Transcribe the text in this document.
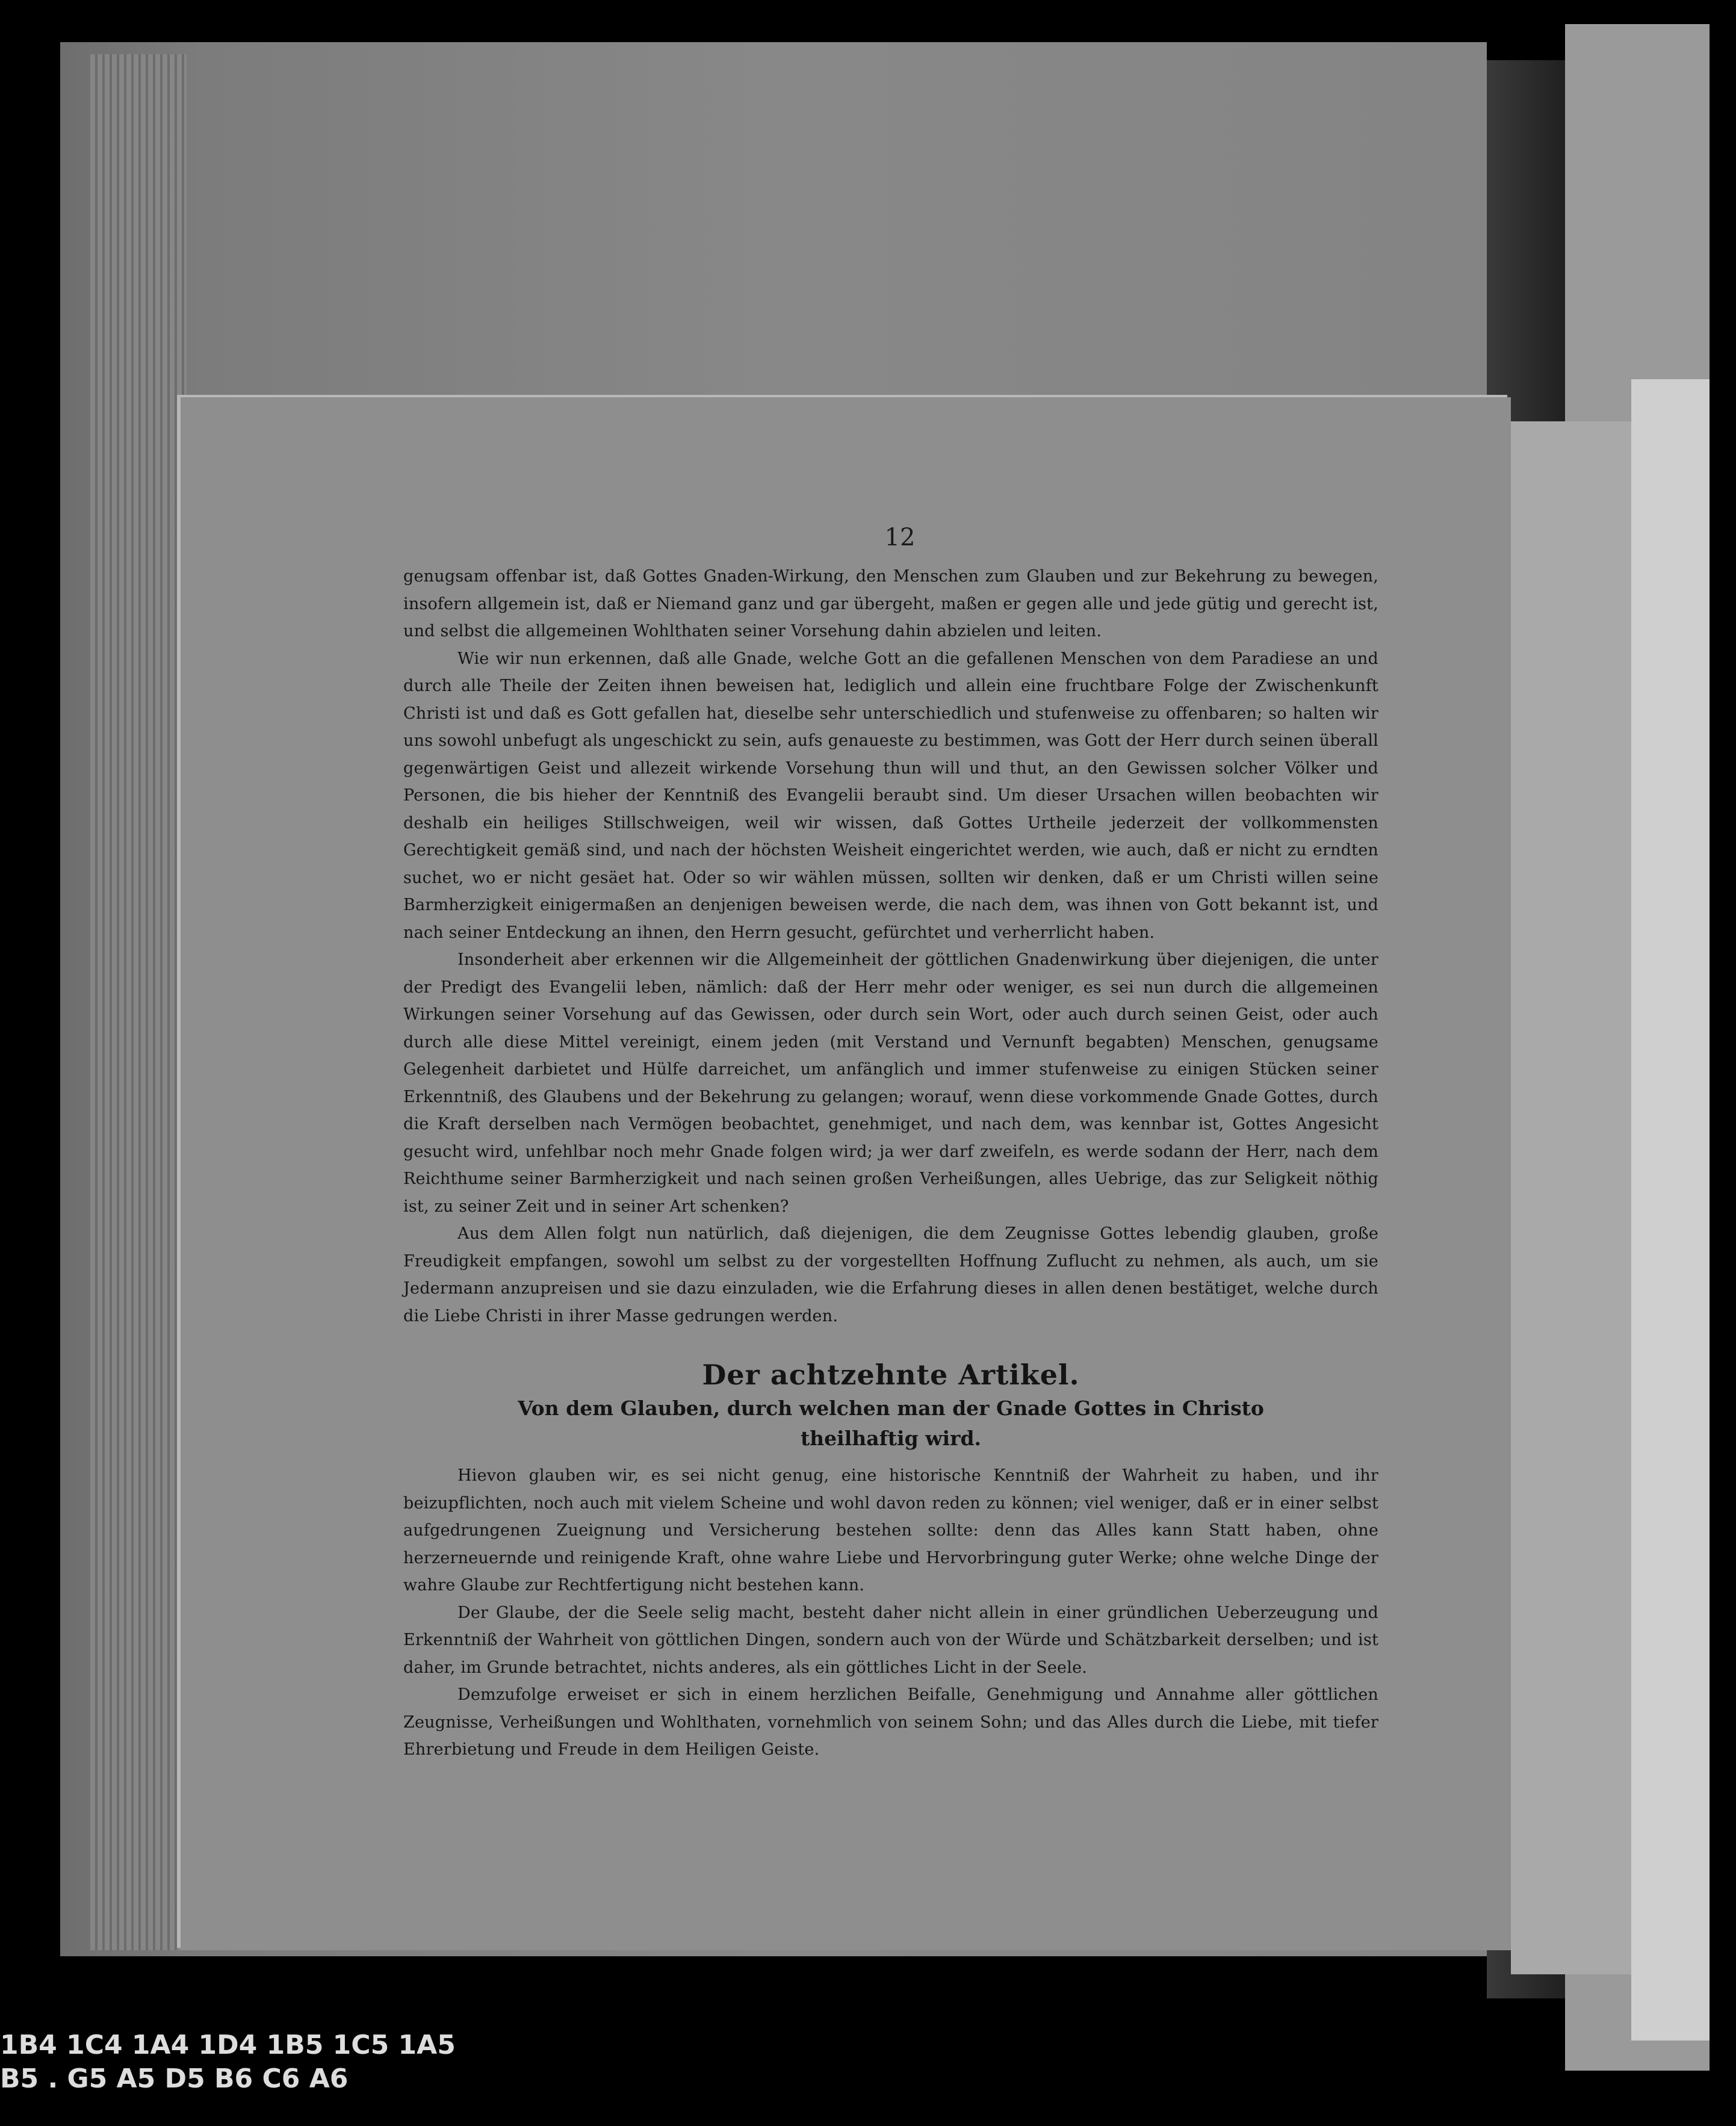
12

genugsam offenbar ist, daß Gottes Gnaden-Wirkung, den Menschen zum Glauben und zur Bekehrung zu bewegen, insofern allgemein ist, daß er Niemand ganz und gar übergeht, maßen er gegen alle und jede gütig und gerecht ist, und selbst die allgemeinen Wohlthaten seiner Vorsehung dahin abzielen und leiten.

Wie wir nun erkennen, daß alle Gnade, welche Gott an die gefallenen Menschen von dem Paradiese an und durch alle Theile der Zeiten ihnen beweisen hat, lediglich und allein eine fruchtbare Folge der Zwischenkunft Christi ist und daß es Gott gefallen hat, dieselbe sehr unterschiedlich und stufenweise zu offenbaren; so halten wir uns sowohl unbefugt als ungeschickt zu sein, aufs genaueste zu bestimmen, was Gott der Herr durch seinen überall gegenwärtigen Geist und allezeit wirkende Vorsehung thun will und thut, an den Gewissen solcher Völker und Personen, die bis hieher der Kenntniß des Evangelii beraubt sind. Um dieser Ursachen willen beobachten wir deshalb ein heiliges Stillschweigen, weil wir wissen, daß Gottes Urtheile jederzeit der vollkommensten Gerechtigkeit gemäß sind, und nach der höchsten Weisheit eingerichtet werden, wie auch, daß er nicht zu erndten suchet, wo er nicht gesäet hat. Oder so wir wählen müssen, sollten wir denken, daß er um Christi willen seine Barmherzigkeit einigermaßen an denjenigen beweisen werde, die nach dem, was ihnen von Gott bekannt ist, und nach seiner Entdeckung an ihnen, den Herrn gesucht, gefürchtet und verherrlicht haben.

Insonderheit aber erkennen wir die Allgemeinheit der göttlichen Gnadenwirkung über diejenigen, die unter der Predigt des Evangelii leben, nämlich: daß der Herr mehr oder weniger, es sei nun durch die allgemeinen Wirkungen seiner Vorsehung auf das Gewissen, oder durch sein Wort, oder auch durch seinen Geist, oder auch durch alle diese Mittel vereinigt, einem jeden (mit Verstand und Vernunft begabten) Menschen, genugsame Gelegenheit darbietet und Hülfe darreichet, um anfänglich und immer stufenweise zu einigen Stücken seiner Erkenntniß, des Glaubens und der Bekehrung zu gelangen; worauf, wenn diese vorkommende Gnade Gottes, durch die Kraft derselben nach Vermögen beobachtet, genehmiget, und nach dem, was kennbar ist, Gottes Angesicht gesucht wird, unfehlbar noch mehr Gnade folgen wird; ja wer darf zweifeln, es werde sodann der Herr, nach dem Reichthume seiner Barmherzigkeit und nach seinen großen Verheißungen, alles Uebrige, das zur Seligkeit nöthig ist, zu seiner Zeit und in seiner Art schenken?

Aus dem Allen folgt nun natürlich, daß diejenigen, die dem Zeugnisse Gottes lebendig glauben, große Freudigkeit empfangen, sowohl um selbst zu der vorgestellten Hoffnung Zuflucht zu nehmen, als auch, um sie Jedermann anzupreisen und sie dazu einzuladen, wie die Erfahrung dieses in allen denen bestätiget, welche durch die Liebe Christi in ihrer Masse gedrungen werden.

Der achtzehnte Artikel.
Von dem Glauben, durch welchen man der Gnade Gottes in Christo
theilhaftig wird.

Hievon glauben wir, es sei nicht genug, eine historische Kenntniß der Wahrheit zu haben, und ihr beizupflichten, noch auch mit vielem Scheine und wohl davon reden zu können; viel weniger, daß er in einer selbst aufgedrungenen Zueignung und Versicherung bestehen sollte: denn das Alles kann Statt haben, ohne herzerneuernde und reinigende Kraft, ohne wahre Liebe und Hervorbringung guter Werke; ohne welche Dinge der wahre Glaube zur Rechtfertigung nicht bestehen kann.

Der Glaube, der die Seele selig macht, besteht daher nicht allein in einer gründlichen Ueberzeugung und Erkenntniß der Wahrheit von göttlichen Dingen, sondern auch von der Würde und Schätzbarkeit derselben; und ist daher, im Grunde betrachtet, nichts anderes, als ein göttliches Licht in der Seele.

Demzufolge erweiset er sich in einem herzlichen Beifalle, Genehmigung und Annahme aller göttlichen Zeugnisse, Verheißungen und Wohlthaten, vornehmlich von seinem Sohn; und das Alles durch die Liebe, mit tiefer Ehrerbietung und Freude in dem Heiligen Geiste.

1B4 1C4 1A4 1D4 1B5 1C5 1A5
B5 . G5 A5 D5 B6 C6 A6
